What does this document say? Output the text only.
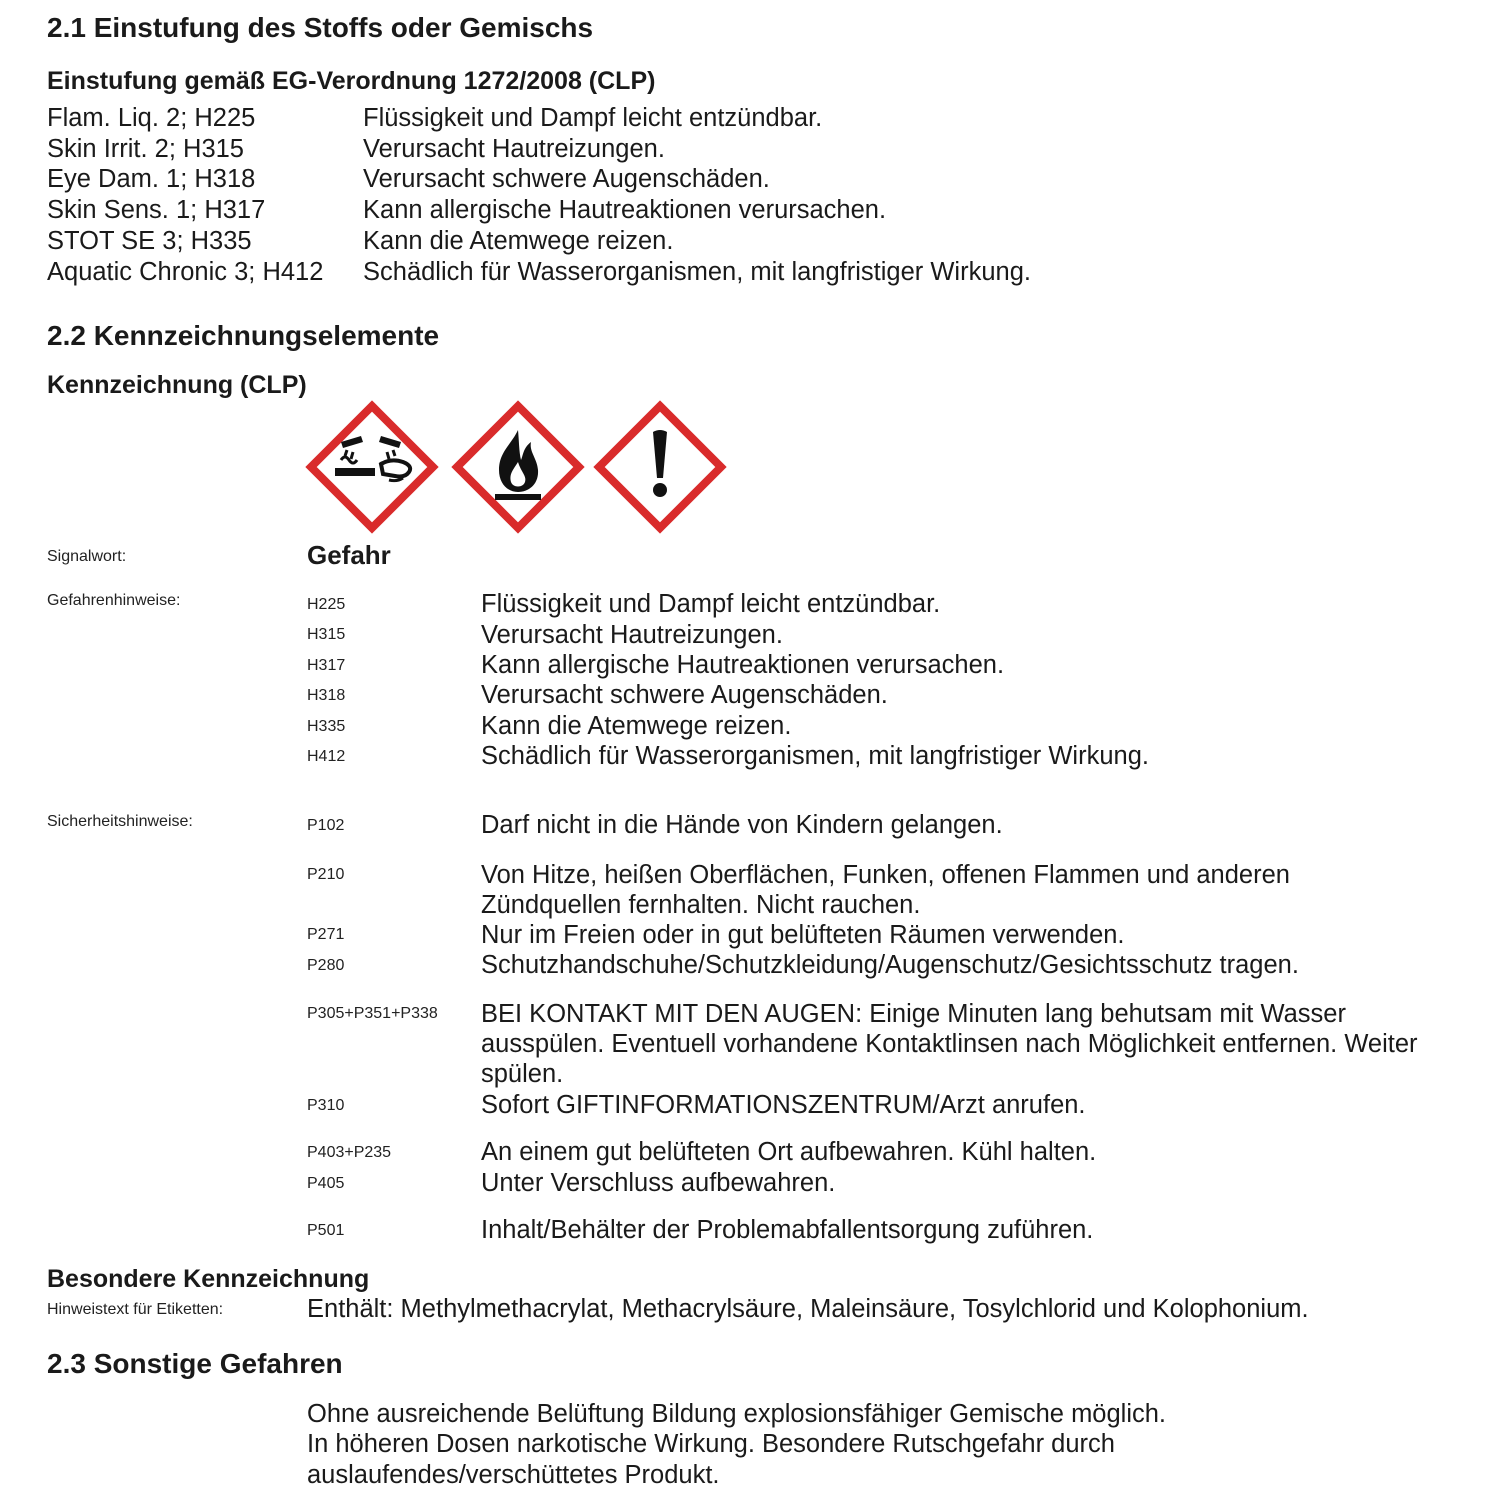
2.1 Einstufung des Stoffs oder Gemischs
Einstufung gemäß EG-Verordnung 1272/2008 (CLP)
Flam. Liq. 2; H225	Flüssigkeit und Dampf leicht entzündbar.
Skin Irrit. 2; H315	Verursacht Hautreizungen.
Eye Dam. 1; H318	Verursacht schwere Augenschäden.
Skin Sens. 1; H317	Kann allergische Hautreaktionen verursachen.
STOT SE 3; H335	Kann die Atemwege reizen.
Aquatic Chronic 3; H412 Schädlich für Wasserorganismen, mit langfristiger Wirkung.
2.2 Kennzeichnungselemente
Kennzeichnung (CLP)
Signalwort:	Gefahr
Gefahrenhinweise:	H225	Flüssigkeit und Dampf leicht entzündbar.
H315	Verursacht Hautreizungen.
H317	Kann allergische Hautreaktionen verursachen.
H318	Verursacht schwere Augenschäden.
H335	Kann die Atemwege reizen.
H412	Schädlich für Wasserorganismen, mit langfristiger Wirkung.
Sicherheitshinweise:	P102	Darf nicht in die Hände von Kindern gelangen.
P210	Von Hitze, heißen Oberflächen, Funken, offenen Flammen und anderen Zündquellen fernhalten. Nicht rauchen.
P271	Nur im Freien oder in gut belüfteten Räumen verwenden.
P280	Schutzhandschuhe/Schutzkleidung/Augenschutz/Gesichtsschutz tragen.
P305+P351+P338 BEI KONTAKT MIT DEN AUGEN: Einige Minuten lang behutsam mit Wasser ausspülen. Eventuell vorhandene Kontaktlinsen nach Möglichkeit entfernen. Weiter spülen.
P310	Sofort GIFTINFORMATIONSZENTRUM/Arzt anrufen.
P403+P235	An einem gut belüfteten Ort aufbewahren. Kühl halten.
P405	Unter Verschluss aufbewahren.
P501	Inhalt/Behälter der Problemabfallentsorgung zuführen.
Besondere Kennzeichnung
Hinweistext für Etiketten:	Enthält: Methylmethacrylat, Methacrylsäure, Maleinsäure, Tosylchlorid und Kolophonium.
2.3 Sonstige Gefahren
Ohne ausreichende Belüftung Bildung explosionsfähiger Gemische möglich.
In höheren Dosen narkotische Wirkung. Besondere Rutschgefahr durch
auslaufendes/verschüttetes Produkt.
